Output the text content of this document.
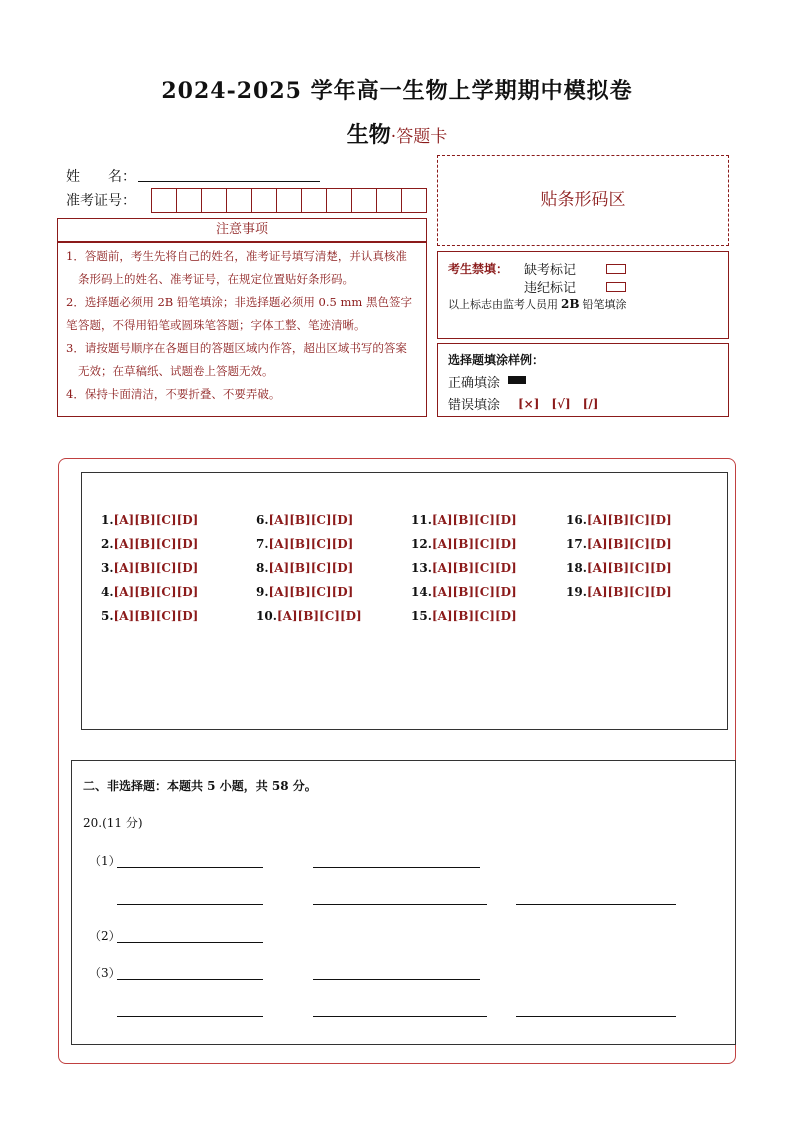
2024-2025 学年高一生物上学期期中模拟卷
生物·答题卡
姓　　名：
准考证号：
注意事项
1．答题前，考生先将自己的姓名，准考证号填写清楚，并认真核准
条形码上的姓名、准考证号，在规定位置贴好条形码。
2．选择题必须用 2B 铅笔填涂；非选择题必须用 0.5 mm 黑色签字笔 答题，不得用铅笔或圆珠笔答题；字体工整、笔迹清晰。
3．请按题号顺序在各题目的答题区域内作答，超出区域书写的答案
无效；在草稿纸、试题卷上答题无效。
4．保持卡面清洁，不要折叠、不要弄破。
贴条形码区
考生禁填： 缺考标记
违纪标记
以上标志由监考人员用 2B 铅笔填涂
选择题填涂样例：
正确填涂
错误填涂 [×]　[√]　[/]
二、非选择题：本题共 5 小题，共 58 分。
20.(11 分)
（1）
（2）
（3）
1.[A][B][C][D]
2.[A][B][C][D]
3.[A][B][C][D]
4.[A][B][C][D]
5.[A][B][C][D]
6.[A][B][C][D]
7.[A][B][C][D]
8.[A][B][C][D]
9.[A][B][C][D]
10.[A][B][C][D]
11.[A][B][C][D]
12.[A][B][C][D]
13.[A][B][C][D]
14.[A][B][C][D]
15.[A][B][C][D]
16.[A][B][C][D]
17.[A][B][C][D]
18.[A][B][C][D]
19.[A][B][C][D]
